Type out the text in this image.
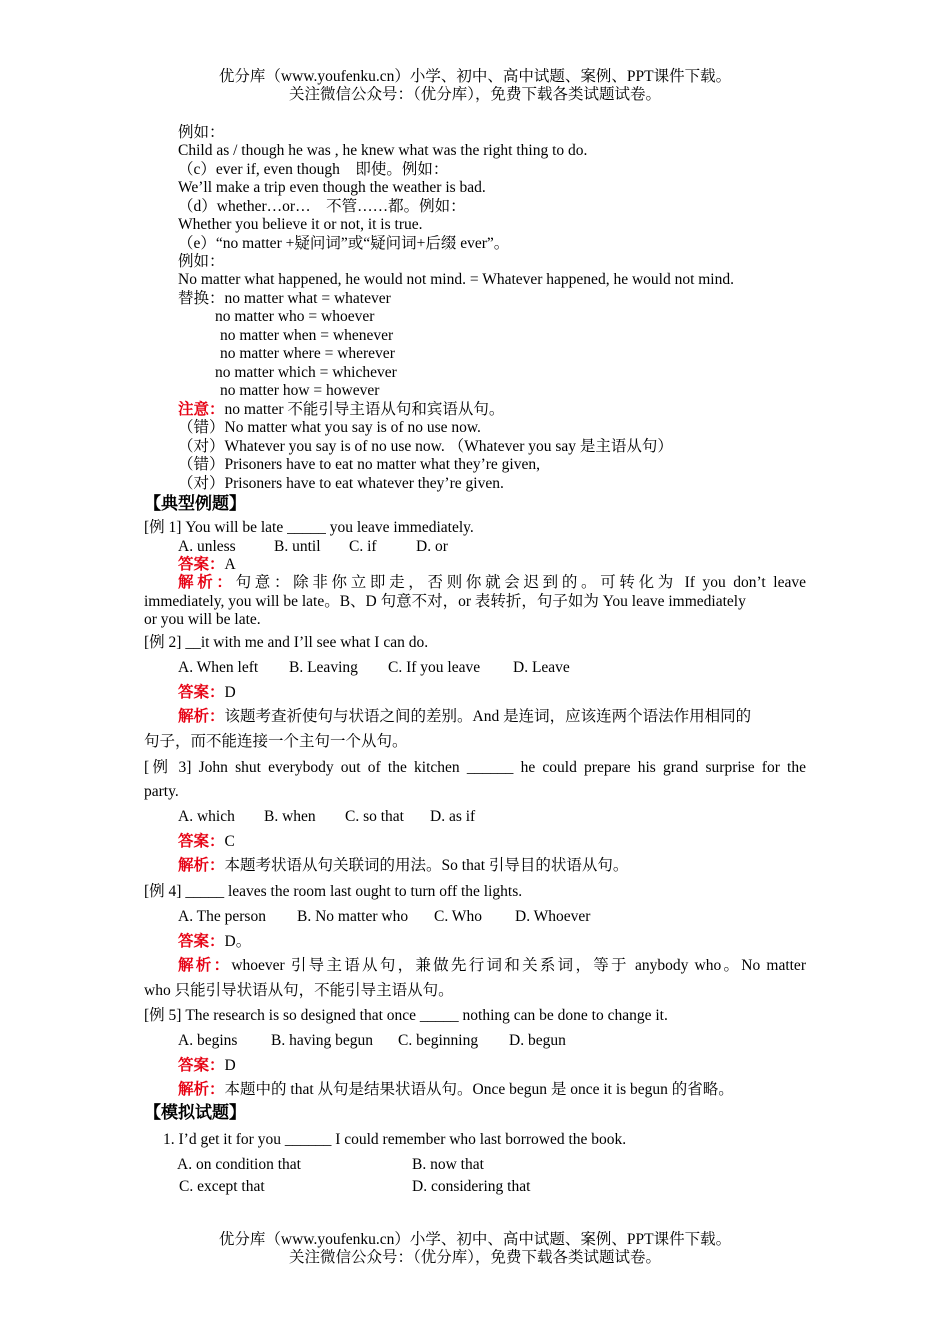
优分库（www.youfenku.cn）小学、初中、高中试题、案例、PPT课件下载。
关注微信公众号：（优分库），免费下载各类试题试卷。
例如：
Child as / though he was , he knew what was the right thing to do.
（c）ever if, even though　即使。例如：
We’ll make a trip even though the weather is bad.
（d）whether…or…　不管……都。例如：
Whether you believe it or not, it is true.
（e）“no matter +疑问词”或“疑问词+后缀 ever”。
例如：
No matter what happened, he would not mind. = Whatever happened, he would not mind.
替换：no matter what = whatever
no matter who = whoever
no matter when = whenever
no matter where = wherever
no matter which = whichever
no matter how = however
注意：no matter 不能引导主语从句和宾语从句。
（错）No matter what you say is of no use now.
（对）Whatever you say is of no use now. （Whatever you say 是主语从句）
（错）Prisoners have to eat no matter what they’re given,
（对）Prisoners have to eat whatever they’re given.
【典型例题】
[例 1] You will be late _____ you leave immediately.
A. unless B. until C. if	D. or
答案：A
解析：句意：除非你立即走，否则你就会迟到的。可转化为 If you don’t leave
immediately, you will be late。B、D 句意不对，or 表转折，句子如为 You leave immediately
or you will be late.
[例 2] __it with me and I’ll see what I can do.
A. When left B. Leaving C. If you leave D. Leave
答案：D
解析：该题考查祈使句与状语之间的差别。And 是连词，应该连两个语法作用相同的
句子，而不能连接一个主句一个从句。
[例 3] John shut everybody out of the kitchen ______ he could prepare his grand surprise for the
party.
A. which B. when C. so that D. as if
答案：C
解析：本题考状语从句关联词的用法。So that 引导目的状语从句。
[例 4] _____ leaves the room last ought to turn off the lights.
A. The person B. No matter who C. Who D. Whoever
答案：D。
解析：whoever 引导主语从句，兼做先行词和关系词，等于 anybody who。No matter
who 只能引导状语从句，不能引导主语从句。
[例 5] The research is so designed that once _____ nothing can be done to change it.
A. begins B. having begun C. beginning D. begun
答案：D
解析：本题中的 that 从句是结果状语从句。Once begun 是 once it is begun 的省略。
【模拟试题】
1. I’d get it for you ______ I could remember who last borrowed the book.
A. on condition that	B. now that
C. except that	D. considering that
优分库（www.youfenku.cn）小学、初中、高中试题、案例、PPT课件下载。
关注微信公众号：（优分库），免费下载各类试题试卷。
